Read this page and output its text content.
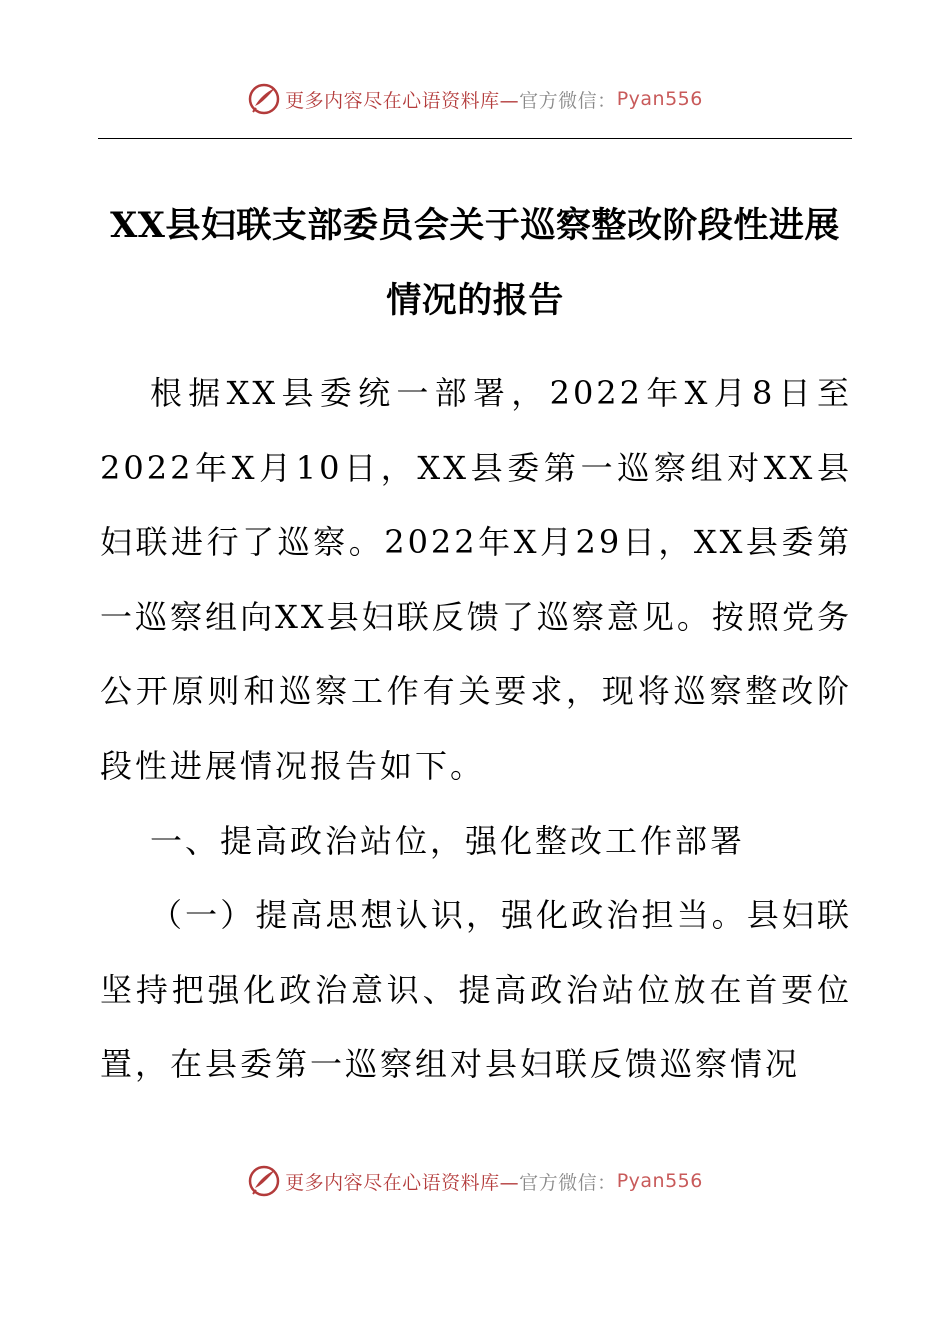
更多内容尽在心语资料库— 官方微信： Pyan556
XX县妇联支部委员会关于巡察整改阶段性进展情况的报告

根据XX县委统一部署，2022年X月8日至2022年X月10日，XX县委第一巡察组对XX县妇联进行了巡察。2022年X月29日，XX县委第一巡察组向XX县妇联反馈了巡察意见。按照党务公开原则和巡察工作有关要求，现将巡察整改阶段性进展情况报告如下。

一、提高政治站位，强化整改工作部署

（一）提高思想认识，强化政治担当。县妇联坚持把强化政治意识、提高政治站位放在首要位置，在县委第一巡察组对县妇联反馈巡察情况

更多内容尽在心语资料库— 官方微信： Pyan556
